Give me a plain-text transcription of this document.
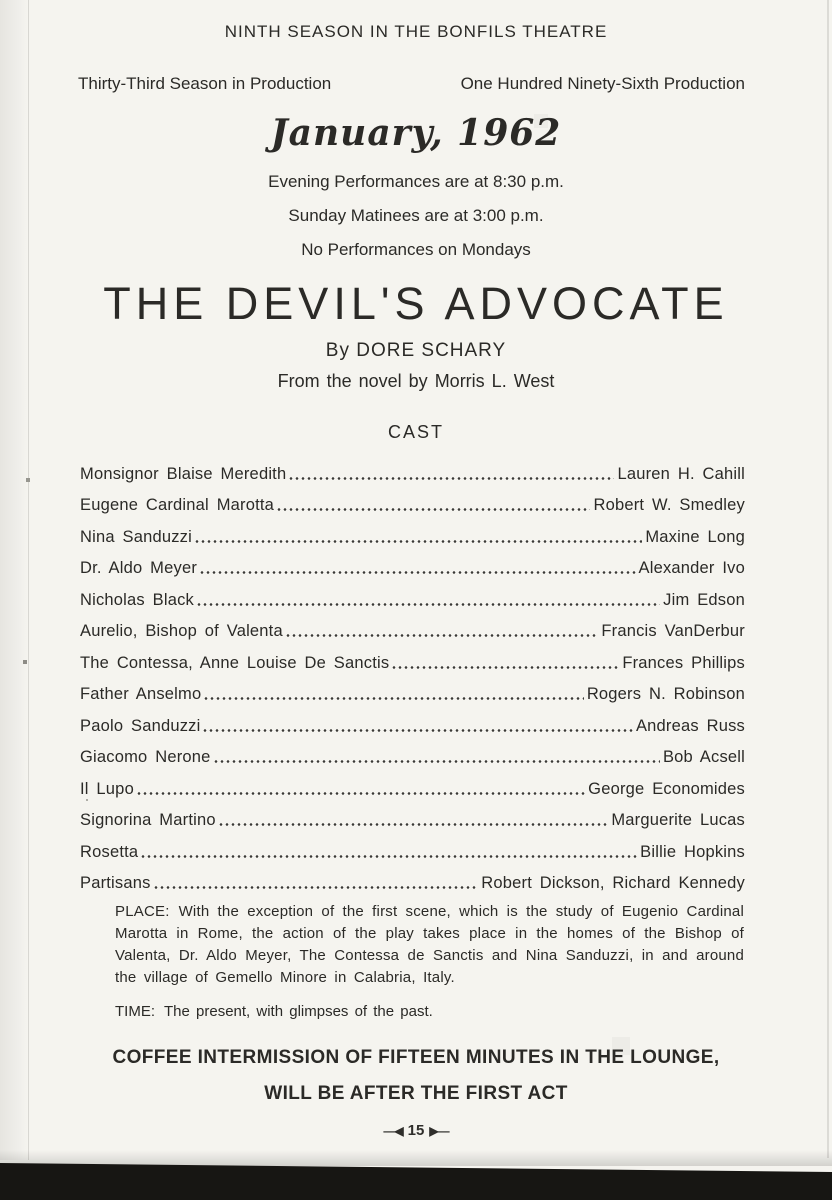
NINTH SEASON IN THE BONFILS THEATRE
Thirty-Third Season in Production	One Hundred Ninety-Sixth Production
January, 1962
Evening Performances are at 8:30 p.m.
Sunday Matinees are at 3:00 p.m.
No Performances on Mondays
THE DEVIL'S ADVOCATE
By DORE SCHARY
From the novel by Morris L. West
CAST
Monsignor Blaise Meredith	Lauren H. Cahill
Eugene Cardinal Marotta	Robert W. Smedley
Nina Sanduzzi	Maxine Long
Dr. Aldo Meyer	Alexander Ivo
Nicholas Black	Jim Edson
Aurelio, Bishop of Valenta	Francis VanDerbur
The Contessa, Anne Louise De Sanctis	Frances Phillips
Father Anselmo	Rogers N. Robinson
Paolo Sanduzzi	Andreas Russ
Giacomo Nerone	Bob Acsell
Il Lupo	George Economides
Signorina Martino	Marguerite Lucas
Rosetta	Billie Hopkins
Partisans	Robert Dickson, Richard Kennedy

PLACE: With the exception of the first scene, which is the study of Eugenio Cardinal Marotta in Rome, the action of the play takes place in the homes of the Bishop of Valenta, Dr. Aldo Meyer, The Contessa de Sanctis and Nina Sanduzzi, in and around the village of Gemello Minore in Calabria, Italy.

TIME: The present, with glimpses of the past.

COFFEE INTERMISSION OF FIFTEEN MINUTES IN THE LOUNGE,
WILL BE AFTER THE FIRST ACT
—◀ 15 ▶—
